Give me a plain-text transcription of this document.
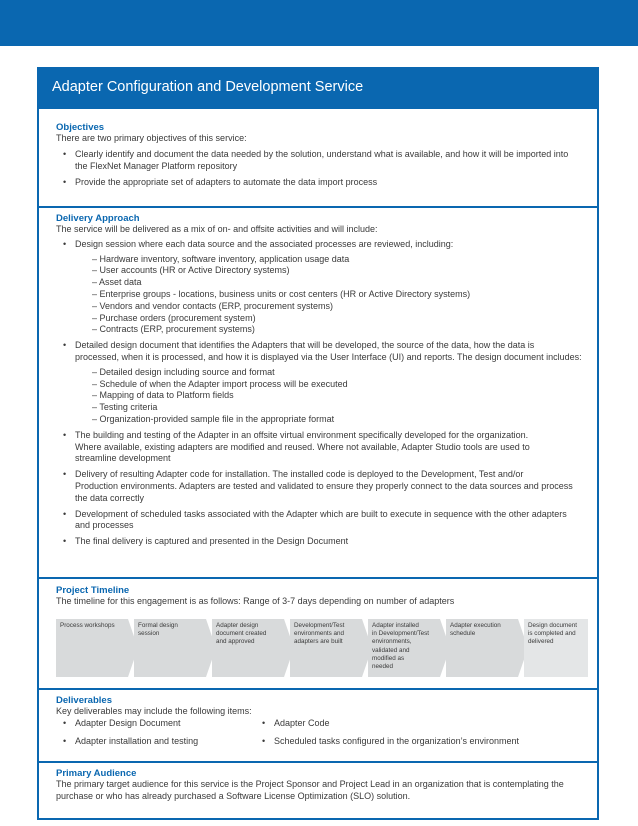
Adapter Configuration and Development Service
Objectives
There are two primary objectives of this service:
• Clearly identify and document the data needed by the solution, understand what is available, and how it will be imported into
the FlexNet Manager Platform repository
• Provide the appropriate set of adapters to automate the data import process
Delivery Approach
The service will be delivered as a mix of on- and offsite activities and will include:
• Design session where each data source and the associated processes are reviewed, including:
– Hardware inventory, software inventory, application usage data
– User accounts (HR or Active Directory systems)
– Asset data
– Enterprise groups - locations, business units or cost centers (HR or Active Directory systems)
– Vendors and vendor contacts (ERP, procurement systems)
– Purchase orders (procurement system)
– Contracts (ERP, procurement systems)
• Detailed design document that identifies the Adapters that will be developed, the source of the data, how the data is
processed, when it is processed, and how it is displayed via the User Interface (UI) and reports. The design document includes:
– Detailed design including source and format
– Schedule of when the Adapter import process will be executed
– Mapping of data to Platform fields
– Testing criteria
– Organization-provided sample file in the appropriate format
• The building and testing of the Adapter in an offsite virtual environment specifically developed for the organization.
Where available, existing adapters are modified and reused. Where not available, Adapter Studio tools are used to
streamline development
• Delivery of resulting Adapter code for installation. The installed code is deployed to the Development, Test and/or
Production environments. Adapters are tested and validated to ensure they properly connect to the data sources and process
the data correctly
• Development of scheduled tasks associated with the Adapter which are built to execute in sequence with the other adapters
and processes
• The final delivery is captured and presented in the Design Document
Project Timeline
The timeline for this engagement is as follows: Range of 3-7 days depending on number of adapters
Process workshops	Formal design
session
Adapter design
document created
and approved
Development/Test
environments and
adapters are built
Adapter installed
in Development/Test
environments,
validated and
modified as
needed
Adapter execution
schedule
Design document
is completed and
delivered
Deliverables
Key deliverables may include the following items:
• Adapter Design Document	• Adapter Code
• Adapter installation and testing	• Scheduled tasks configured in the organization’s environment
Primary Audience
The primary target audience for this service is the Project Sponsor and Project Lead in an organization that is contemplating the
purchase or who has already purchased a Software License Optimization (SLO) solution.
